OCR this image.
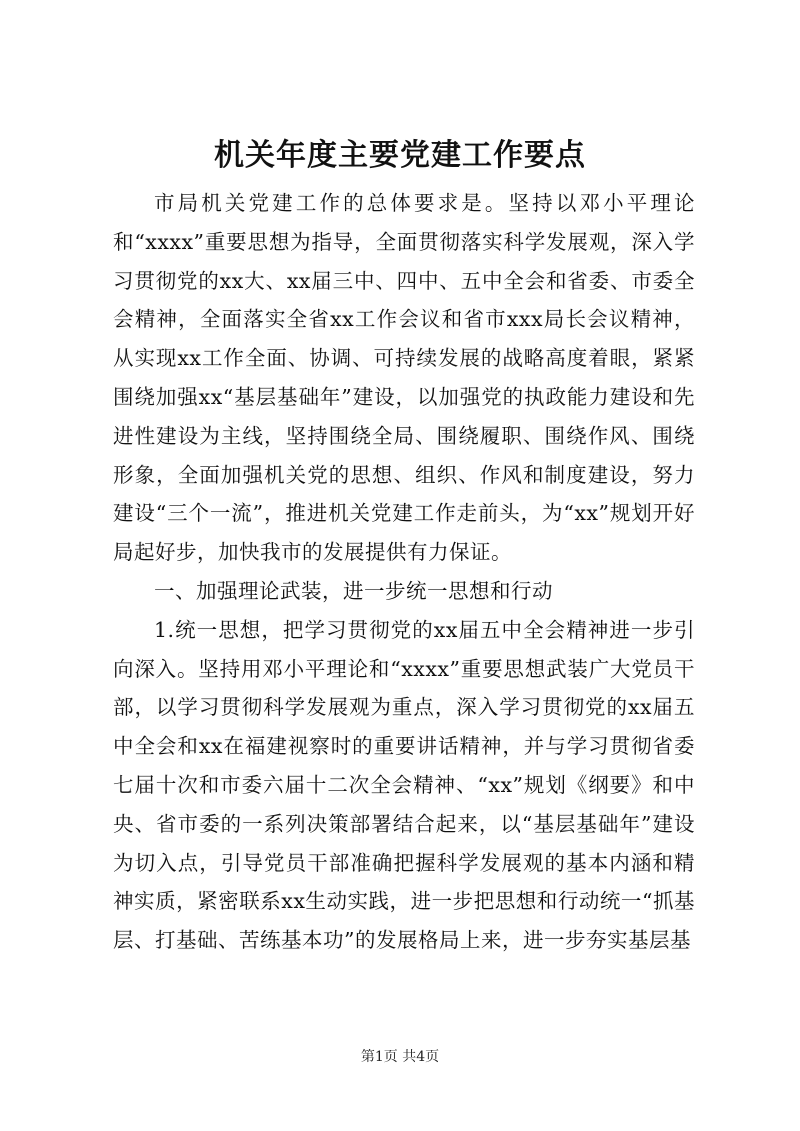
机关年度主要党建工作要点

市局机关党建工作的总体要求是。坚持以邓小平理论和“xxxx”重要思想为指导，全面贯彻落实科学发展观，深入学习贯彻党的xx大、xx届三中、四中、五中全会和省委、市委全会精神，全面落实全省xx工作会议和省市xxx局长会议精神，从实现xx工作全面、协调、可持续发展的战略高度着眼，紧紧围绕加强xx“基层基础年”建设，以加强党的执政能力建设和先进性建设为主线，坚持围绕全局、围绕履职、围绕作风、围绕形象，全面加强机关党的思想、组织、作风和制度建设，努力建设“三个一流”，推进机关党建工作走前头，为“xx”规划开好局起好步，加快我市的发展提供有力保证。

一、加强理论武装，进一步统一思想和行动

1.统一思想，把学习贯彻党的xx届五中全会精神进一步引向深入。坚持用邓小平理论和“xxxx”重要思想武装广大党员干部，以学习贯彻科学发展观为重点，深入学习贯彻党的xx届五中全会和xx在福建视察时的重要讲话精神，并与学习贯彻省委七届十次和市委六届十二次全会精神、“xx”规划《纲要》和中央、省市委的一系列决策部署结合起来，以“基层基础年”建设为切入点，引导党员干部准确把握科学发展观的基本内涵和精神实质，紧密联系xx生动实践，进一步把思想和行动统一“抓基层、打基础、苦练基本功”的发展格局上来，进一步夯实基层基

第1页 共4页
